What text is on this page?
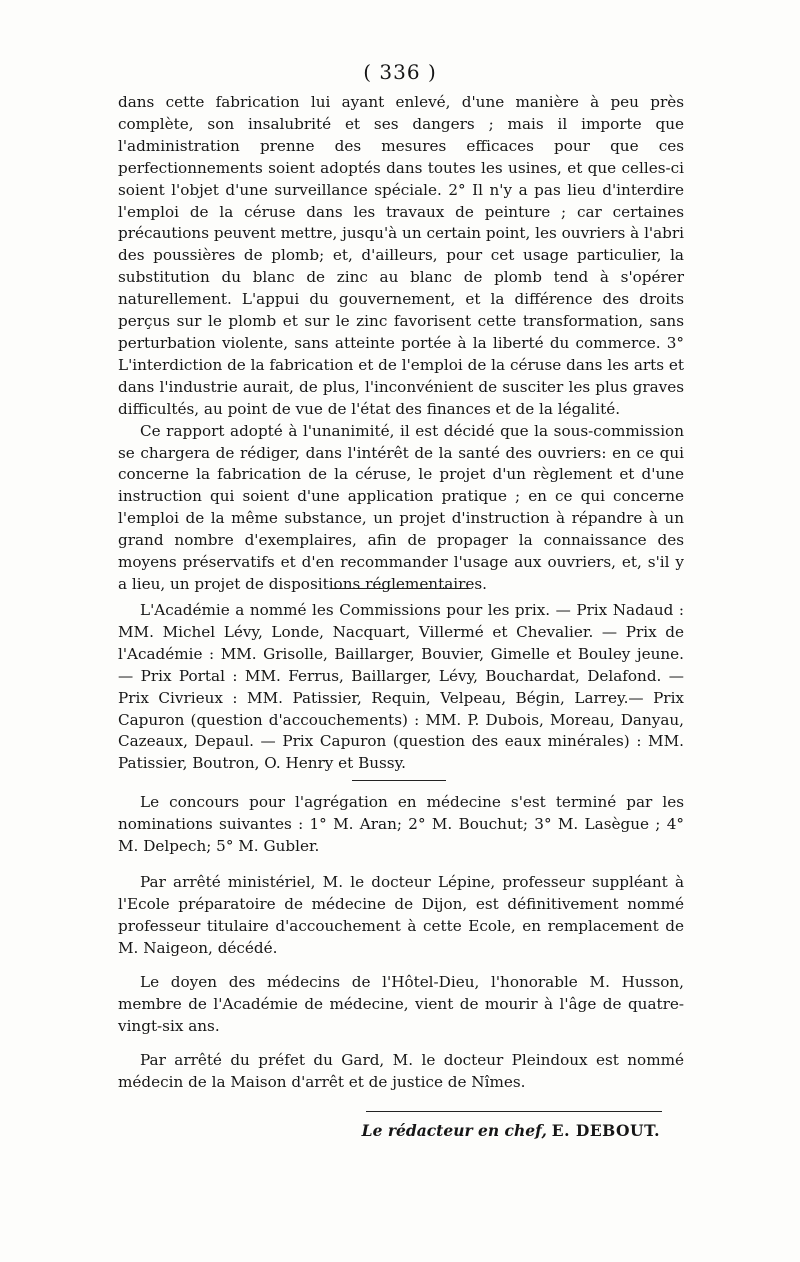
( 336 )

dans cette fabrication lui ayant enlevé, d'une manière à peu près complète, son insalubrité et ses dangers ; mais il importe que l'administration prenne des mesures efficaces pour que ces perfectionnements soient adoptés dans toutes les usines, et que celles-ci soient l'objet d'une surveillance spéciale. 2° Il n'y a pas lieu d'interdire l'emploi de la céruse dans les travaux de peinture ; car certaines précautions peuvent mettre, jusqu'à un certain point, les ouvriers à l'abri des poussières de plomb; et, d'ailleurs, pour cet usage particulier, la substitution du blanc de zinc au blanc de plomb tend à s'opérer naturellement. L'appui du gouvernement, et la différence des droits perçus sur le plomb et sur le zinc favorisent cette transformation, sans perturbation violente, sans atteinte portée à la liberté du commerce. 3° L'interdiction de la fabrication et de l'emploi de la céruse dans les arts et dans l'industrie aurait, de plus, l'inconvénient de susciter les plus graves difficultés, au point de vue de l'état des finances et de la légalité.

Ce rapport adopté à l'unanimité, il est décidé que la sous-commission se chargera de rédiger, dans l'intérêt de la santé des ouvriers: en ce qui concerne la fabrication de la céruse, le projet d'un règlement et d'une instruction qui soient d'une application pratique ; en ce qui concerne l'emploi de la même substance, un projet d'instruction à répandre à un grand nombre d'exemplaires, afin de propager la connaissance des moyens préservatifs et d'en recommander l'usage aux ouvriers, et, s'il y a lieu, un projet de dispositions réglementaires.

L'Académie a nommé les Commissions pour les prix. — Prix Nadaud : MM. Michel Lévy, Londe, Nacquart, Villermé et Chevalier. — Prix de l'Académie : MM. Grisolle, Baillarger, Bouvier, Gimelle et Bouley jeune. — Prix Portal : MM. Ferrus, Baillarger, Lévy, Bouchardat, Delafond. — Prix Civrieux : MM. Patissier, Requin, Velpeau, Bégin, Larrey.— Prix Capuron (question d'accouchements) : MM. P. Dubois, Moreau, Danyau, Cazeaux, Depaul. — Prix Capuron (question des eaux minérales) : MM. Patissier, Boutron, O. Henry et Bussy.

Le concours pour l'agrégation en médecine s'est terminé par les nominations suivantes : 1° M. Aran; 2° M. Bouchut; 3° M. Lasègue ; 4° M. Delpech; 5° M. Gubler.

Par arrêté ministériel, M. le docteur Lépine, professeur suppléant à l'Ecole préparatoire de médecine de Dijon, est définitivement nommé professeur titulaire d'accouchement à cette Ecole, en remplacement de M. Naigeon, décédé.

Le doyen des médecins de l'Hôtel-Dieu, l'honorable M. Husson, membre de l'Académie de médecine, vient de mourir à l'âge de quatre-vingt-six ans.

Par arrêté du préfet du Gard, M. le docteur Pleindoux est nommé médecin de la Maison d'arrêt et de justice de Nîmes.

Le rédacteur en chef, E. DEBOUT.
